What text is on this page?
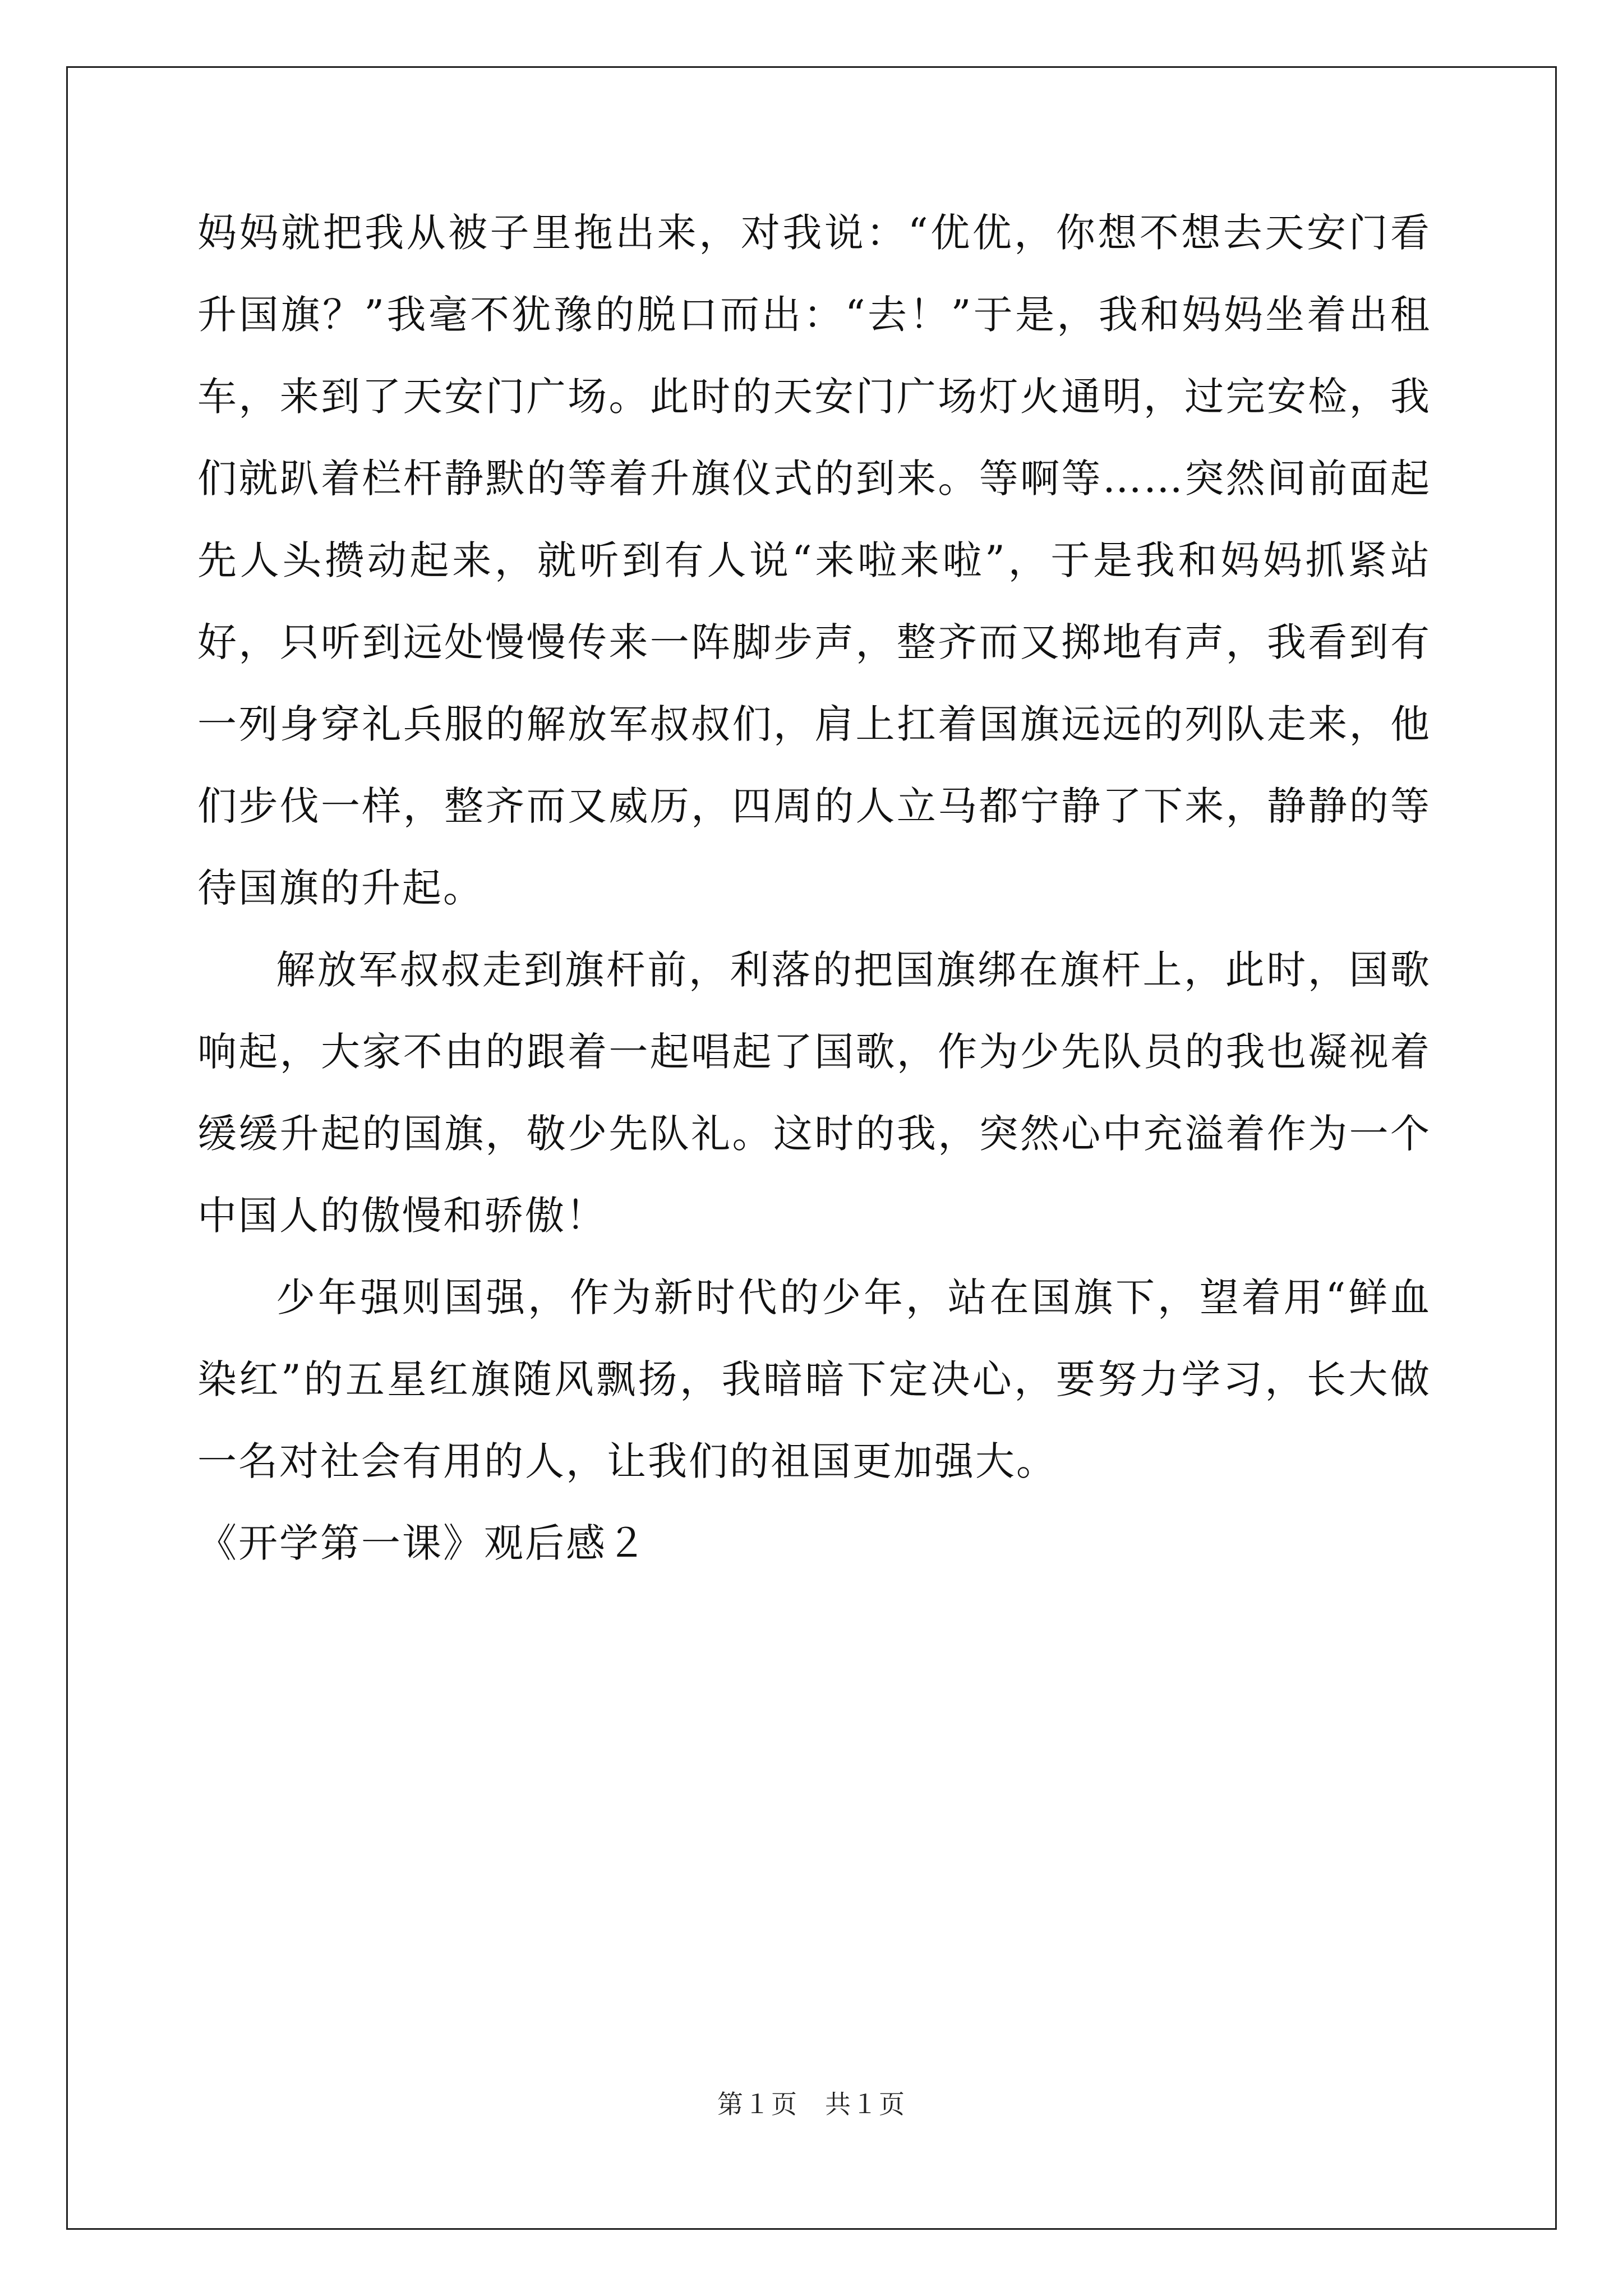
妈妈就把我从被子里拖出来，对我说：“优优，你想不想去天安门看升国旗？”我毫不犹豫的脱口而出：“去！”于是，我和妈妈坐着出租车，来到了天安门广场。此时的天安门广场灯火通明，过完安检，我们就趴着栏杆静默的等着升旗仪式的到来。等啊等……突然间前面起先人头攒动起来，就听到有人说“来啦来啦”，于是我和妈妈抓紧站好，只听到远处慢慢传来一阵脚步声，整齐而又掷地有声，我看到有一列身穿礼兵服的解放军叔叔们，肩上扛着国旗远远的列队走来，他们步伐一样，整齐而又威历，四周的人立马都宁静了下来，静静的等待国旗的升起。

解放军叔叔走到旗杆前，利落的把国旗绑在旗杆上，此时，国歌响起，大家不由的跟着一起唱起了国歌，作为少先队员的我也凝视着缓缓升起的国旗，敬少先队礼。这时的我，突然心中充溢着作为一个中国人的傲慢和骄傲！

少年强则国强，作为新时代的少年，站在国旗下，望着用“鲜血染红”的五星红旗随风飘扬，我暗暗下定决心，要努力学习，长大做一名对社会有用的人，让我们的祖国更加强大。

《开学第一课》观后感２

第１页　共１页
